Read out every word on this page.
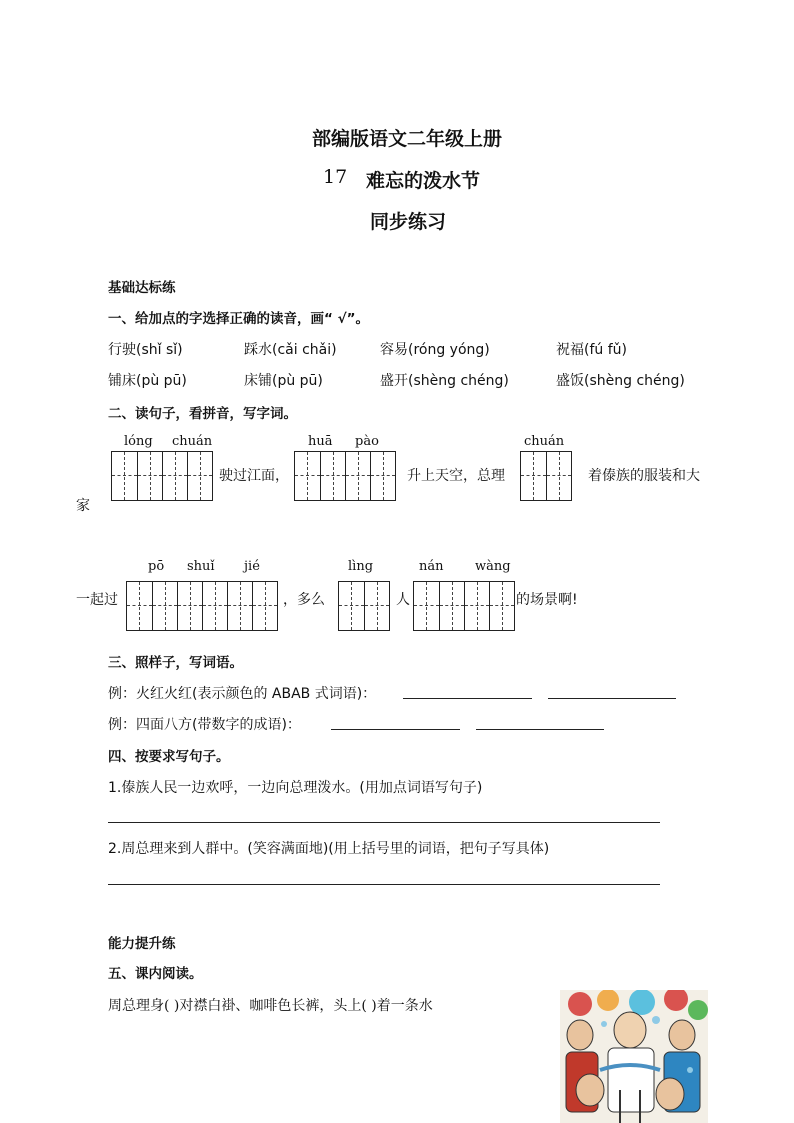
部编版语文二年级上册
17 难忘的泼水节
同步练习
基础达标练
一、给加点的字选择正确的读音，画“ √”。
行驶(shǐ sǐ)	踩水(cǎi chǎi)	容易(róng yóng)	祝福(fú fǔ)
铺床(pù pū)	床铺(pù pū)	盛开(shèng chéng)	盛饭(shèng chéng)
二、读句子，看拼音，写字词。
lóng chuán
驶过江面，
huā pào
升上天空，总理
chuán
着傣族的服装和大
家
pō shuǐ jié
一起过	，多么
lìng
人
nán wàng
的场景啊!
三、照样子，写词语。
例：火红火红(表示颜色的 ABAB 式词语)：
例：四面八方(带数字的成语)：
四、按要求写句子。
1.傣族人民一边欢呼，一边向总理泼水。(用加点词语写句子)
2.周总理来到人群中。(笑容满面地)(用上括号里的词语，把句子写具体)
能力提升练
五、课内阅读。
周总理身( )对襟白褂、咖啡色长裤，头上( )着一条水
